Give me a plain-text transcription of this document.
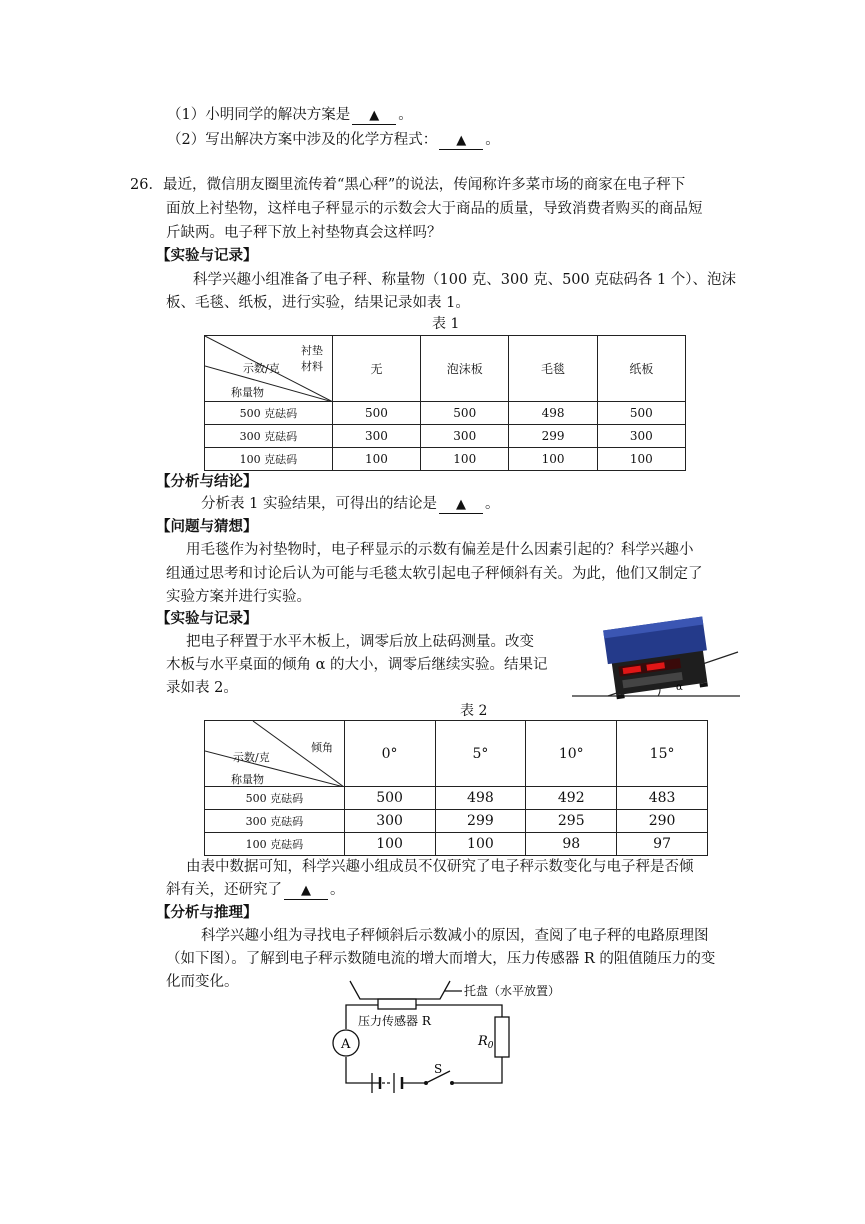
（1）小明同学的解决方案是 ▲ 。
（2）写出解决方案中涉及的化学方程式： ▲ 。
26．最近，微信朋友圈里流传着“黑心秤”的说法，传闻称许多菜市场的商家在电子秤下
面放上衬垫物，这样电子秤显示的示数会大于商品的质量，导致消费者购买的商品短
斤缺两。电子秤下放上衬垫物真会这样吗？
【实验与记录】
科学兴趣小组准备了电子秤、称量物（100 克、300 克、500 克砝码各 1 个）、泡沫
板、毛毯、纸板，进行实验，结果记录如表 1。
表 1
衬垫
材料
示数/克
称量物	无	泡沫板	毛毯	纸板
500 克砝码	500	500	498	500
300 克砝码	300	300	299	300
100 克砝码	100	100	100	100
【分析与结论】
分析表 1 实验结果，可得出的结论是 ▲ 。
【问题与猜想】
用毛毯作为衬垫物时，电子秤显示的示数有偏差是什么因素引起的？科学兴趣小
组通过思考和讨论后认为可能与毛毯太软引起电子秤倾斜有关。为此，他们又制定了
实验方案并进行实验。
【实验与记录】
把电子秤置于水平木板上，调零后放上砝码测量。改变
木板与水平桌面的倾角 α 的大小，调零后继续实验。结果记
录如表 2。	α
表 2
倾角
示数/克
称量物	0°	5°	10°	15°
500 克砝码	500	498	492	483
300 克砝码	300	299	295	290
100 克砝码	100	100	98	97
由表中数据可知，科学兴趣小组成员不仅研究了电子秤示数变化与电子秤是否倾
斜有关，还研究了 ▲ 。
【分析与推理】
科学兴趣小组为寻找电子秤倾斜后示数减小的原因，查阅了电子秤的电路原理图
（如下图）。了解到电子秤示数随电流的增大而增大，压力传感器 R 的阻值随压力的变
化而变化。
托盘（水平放置）
压力传感器 R
$R_0$
A
S
